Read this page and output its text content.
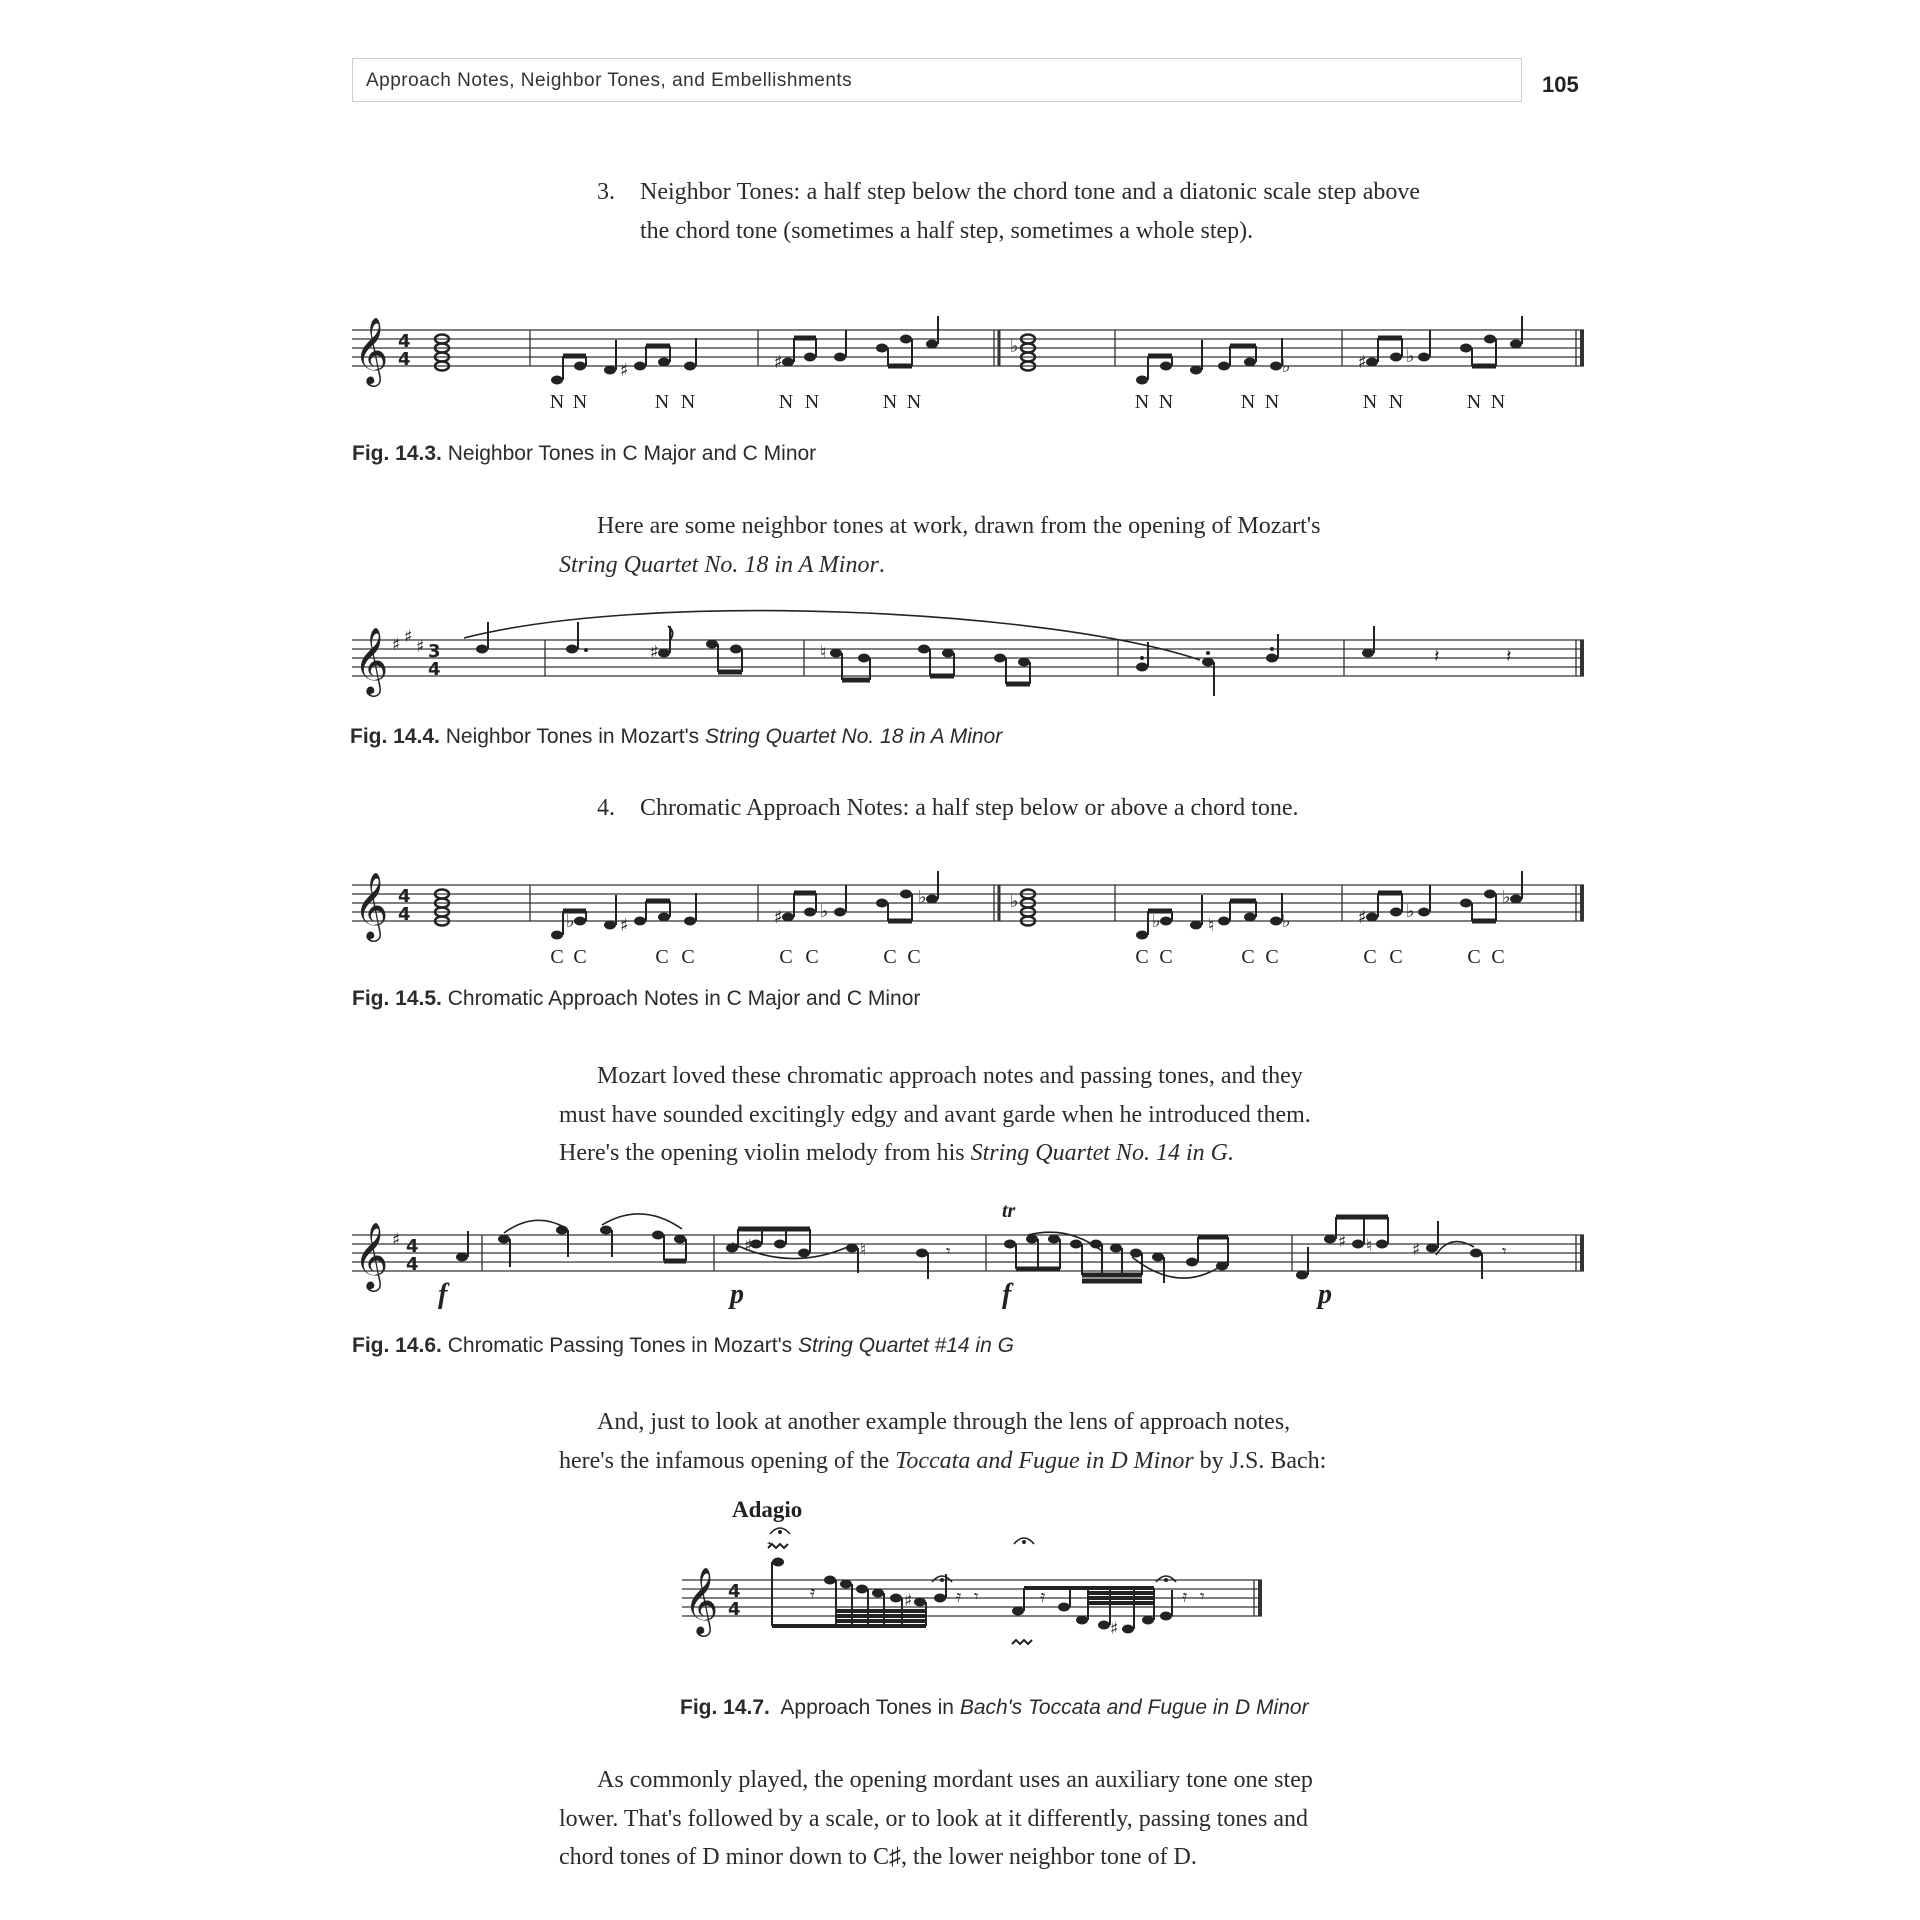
Approach Notes, Neighbor Tones, and Embellishments	105
3. Neighbor Tones: a half step below the chord tone and a diatonic scale step above the chord tone (sometimes a half step, sometimes a whole step).
𝄞 4
4
♯	♯
♭
♭	♯ ♭
N N	N N	N N	N N	N N	N N	N N	N N
Fig. 14.3. Neighbor Tones in C Major and C Minor
Here are some neighbor tones at work, drawn from the opening of Mozart's
String Quartet No. 18 in A Minor.
𝄞 ♯ ♯ ♯ 3
4
♯	♮	𝄽	𝄽
Fig. 14.4. Neighbor Tones in Mozart's String Quartet No. 18 in A Minor
4. Chromatic Approach Notes: a half step below or above a chord tone.
𝄞 4
4	♭	♯	♯ ♭
♭	♭
♭	♮	♭	♯ ♭
♭
C C	C C	C C	C C	C C	C C	C C	C C
Fig. 14.5. Chromatic Approach Notes in C Major and C Minor
Mozart loved these chromatic approach notes and passing tones, and they
must have sounded excitingly edgy and avant garde when he introduced them.
Here's the opening violin melody from his String Quartet No. 14 in G.
𝄞 ♯ 4
4
♯	♮	♯ ♮ ♯
𝄾	𝄾
f	p	f	p
tr
Fig. 14.6. Chromatic Passing Tones in Mozart's String Quartet #14 in G
And, just to look at another example through the lens of approach notes,
here's the infamous opening of the Toccata and Fugue in D Minor by J.S. Bach:
Adagio
𝄞 4
4	♯
♯
𝄿	𝄿 𝄾	𝄿	𝄿 𝄾
𝆝
Fig. 14.7. Approach Tones in Bach's Toccata and Fugue in D Minor
As commonly played, the opening mordant uses an auxiliary tone one step
lower. That's followed by a scale, or to look at it differently, passing tones and
chord tones of D minor down to C♯, the lower neighbor tone of D.
